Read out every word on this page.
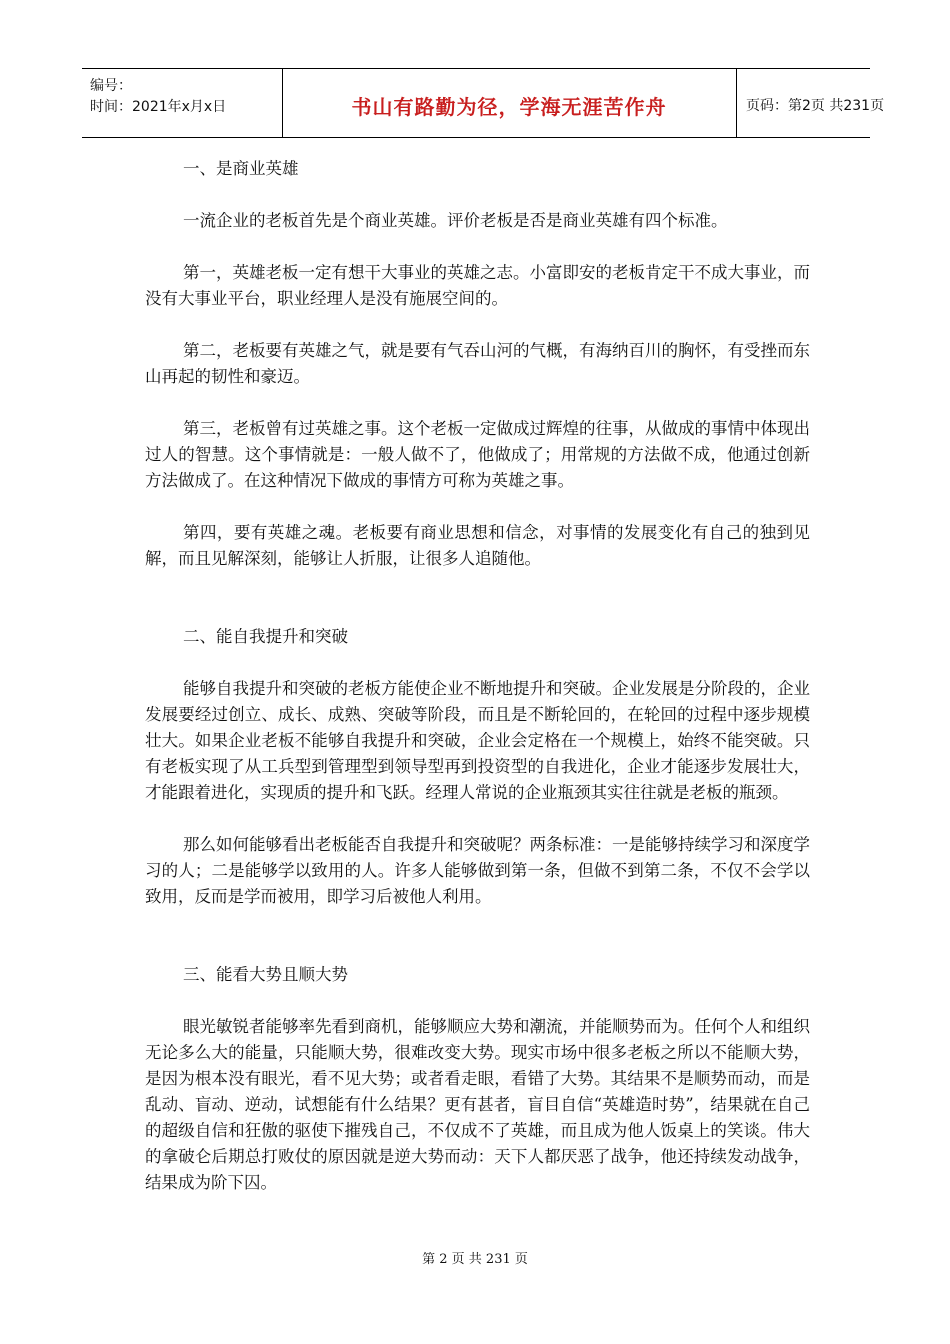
编号：
时间：2021年x月x日	书山有路勤为径，学海无涯苦作舟	页码：第2页 共231页
一、是商业英雄

一流企业的老板首先是个商业英雄。评价老板是否是商业英雄有四个标准。

第一，英雄老板一定有想干大事业的英雄之志。小富即安的老板肯定干不成大事业，而没有大事业平台，职业经理人是没有施展空间的。

第二，老板要有英雄之气，就是要有气吞山河的气概，有海纳百川的胸怀，有受挫而东山再起的韧性和豪迈。

第三，老板曾有过英雄之事。这个老板一定做成过辉煌的往事，从做成的事情中体现出过人的智慧。这个事情就是：一般人做不了，他做成了；用常规的方法做不成，他通过创新方法做成了。在这种情况下做成的事情方可称为英雄之事。

第四，要有英雄之魂。老板要有商业思想和信念，对事情的发展变化有自己的独到见解，而且见解深刻，能够让人折服，让很多人追随他。

二、能自我提升和突破

能够自我提升和突破的老板方能使企业不断地提升和突破。企业发展是分阶段的，企业发展要经过创立、成长、成熟、突破等阶段，而且是不断轮回的，在轮回的过程中逐步规模壮大。如果企业老板不能够自我提升和突破，企业会定格在一个规模上，始终不能突破。只有老板实现了从工兵型到管理型到领导型再到投资型的自我进化，企业才能逐步发展壮大，才能跟着进化，实现质的提升和飞跃。经理人常说的企业瓶颈其实往往就是老板的瓶颈。

那么如何能够看出老板能否自我提升和突破呢？两条标准：一是能够持续学习和深度学习的人；二是能够学以致用的人。许多人能够做到第一条，但做不到第二条，不仅不会学以致用，反而是学而被用，即学习后被他人利用。

三、能看大势且顺大势

眼光敏锐者能够率先看到商机，能够顺应大势和潮流，并能顺势而为。任何个人和组织无论多么大的能量，只能顺大势，很难改变大势。现实市场中很多老板之所以不能顺大势，是因为根本没有眼光，看不见大势；或者看走眼，看错了大势。其结果不是顺势而动，而是乱动、盲动、逆动，试想能有什么结果？更有甚者，盲目自信“英雄造时势”，结果就在自己的超级自信和狂傲的驱使下摧残自己，不仅成不了英雄，而且成为他人饭桌上的笑谈。伟大的拿破仑后期总打败仗的原因就是逆大势而动：天下人都厌恶了战争，他还持续发动战争，结果成为阶下囚。

第 2 页 共 231 页
